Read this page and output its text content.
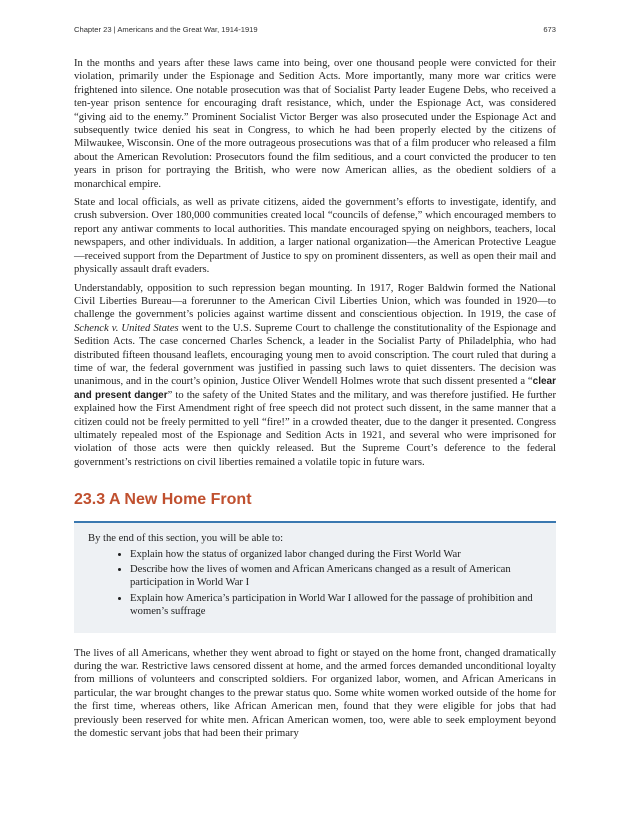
Chapter 23 | Americans and the Great War, 1914-1919	673

In the months and years after these laws came into being, over one thousand people were convicted for their violation, primarily under the Espionage and Sedition Acts. More importantly, many more war critics were frightened into silence. One notable prosecution was that of Socialist Party leader Eugene Debs, who received a ten-year prison sentence for encouraging draft resistance, which, under the Espionage Act, was considered “giving aid to the enemy.” Prominent Socialist Victor Berger was also prosecuted under the Espionage Act and subsequently twice denied his seat in Congress, to which he had been properly elected by the citizens of Milwaukee, Wisconsin. One of the more outrageous prosecutions was that of a film producer who released a film about the American Revolution: Prosecutors found the film seditious, and a court convicted the producer to ten years in prison for portraying the British, who were now American allies, as the obedient soldiers of a monarchical empire.

State and local officials, as well as private citizens, aided the government’s efforts to investigate, identify, and crush subversion. Over 180,000 communities created local “councils of defense,” which encouraged members to report any antiwar comments to local authorities. This mandate encouraged spying on neighbors, teachers, local newspapers, and other individuals. In addition, a larger national organization—the American Protective League—received support from the Department of Justice to spy on prominent dissenters, as well as open their mail and physically assault draft evaders.

Understandably, opposition to such repression began mounting. In 1917, Roger Baldwin formed the National Civil Liberties Bureau—a forerunner to the American Civil Liberties Union, which was founded in 1920—to challenge the government’s policies against wartime dissent and conscientious objection. In 1919, the case of Schenck v. United States went to the U.S. Supreme Court to challenge the constitutionality of the Espionage and Sedition Acts. The case concerned Charles Schenck, a leader in the Socialist Party of Philadelphia, who had distributed fifteen thousand leaflets, encouraging young men to avoid conscription. The court ruled that during a time of war, the federal government was justified in passing such laws to quiet dissenters. The decision was unanimous, and in the court’s opinion, Justice Oliver Wendell Holmes wrote that such dissent presented a “clear and present danger” to the safety of the United States and the military, and was therefore justified. He further explained how the First Amendment right of free speech did not protect such dissent, in the same manner that a citizen could not be freely permitted to yell “fire!” in a crowded theater, due to the danger it presented. Congress ultimately repealed most of the Espionage and Sedition Acts in 1921, and several who were imprisoned for violation of those acts were then quickly released. But the Supreme Court’s deference to the federal government’s restrictions on civil liberties remained a volatile topic in future wars.

23.3 A New Home Front

By the end of this section, you will be able to:

• Explain how the status of organized labor changed during the First World War
• Describe how the lives of women and African Americans changed as a result of American participation in World War I
• Explain how America’s participation in World War I allowed for the passage of prohibition and women’s suffrage

The lives of all Americans, whether they went abroad to fight or stayed on the home front, changed dramatically during the war. Restrictive laws censored dissent at home, and the armed forces demanded unconditional loyalty from millions of volunteers and conscripted soldiers. For organized labor, women, and African Americans in particular, the war brought changes to the prewar status quo. Some white women worked outside of the home for the first time, whereas others, like African American men, found that they were eligible for jobs that had previously been reserved for white men. African American women, too, were able to seek employment beyond the domestic servant jobs that had been their primary
